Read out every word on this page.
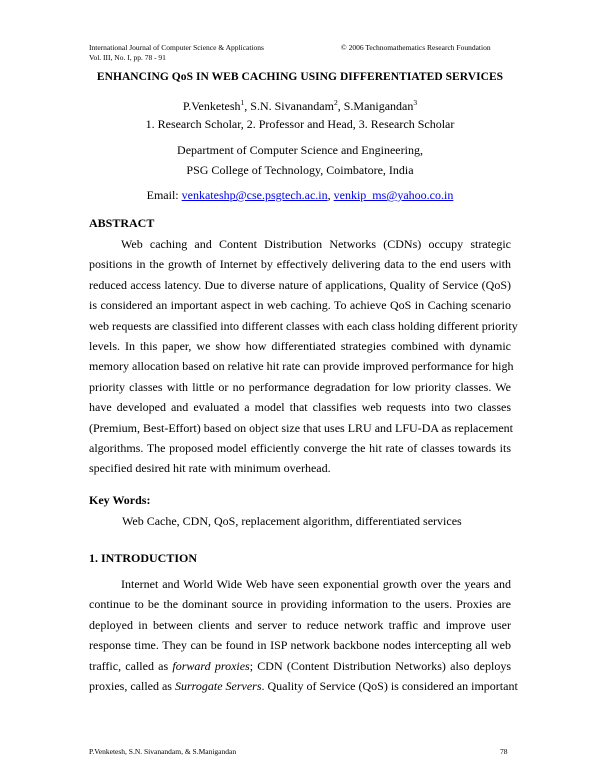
International Journal of Computer Science & Applications
Vol. III, No. I, pp. 78 - 91
© 2006 Technomathematics Research Foundation
ENHANCING QoS IN WEB CACHING USING DIFFERENTIATED SERVICES
P.Venketesh$^1$, S.N. Sivanandam$^2$, S.Manigandan$^3$
1. Research Scholar, 2. Professor and Head, 3. Research Scholar
Department of Computer Science and Engineering,
PSG College of Technology, Coimbatore, India
Email: venkateshp@cse.psgtech.ac.in, venkip_ms@yahoo.co.in
ABSTRACT
Web caching and Content Distribution Networks (CDNs) occupy strategic
positions in the growth of Internet by effectively delivering data to the end users with
reduced access latency. Due to diverse nature of applications, Quality of Service (QoS)
is considered an important aspect in web caching. To achieve QoS in Caching scenario
web requests are classified into different classes with each class holding different priority
levels. In this paper, we show how differentiated strategies combined with dynamic
memory allocation based on relative hit rate can provide improved performance for high
priority classes with little or no performance degradation for low priority classes. We
have developed and evaluated a model that classifies web requests into two classes
(Premium, Best-Effort) based on object size that uses LRU and LFU-DA as replacement
algorithms. The proposed model efficiently converge the hit rate of classes towards its
specified desired hit rate with minimum overhead.
Key Words:
Web Cache, CDN, QoS, replacement algorithm, differentiated services
1. INTRODUCTION
Internet and World Wide Web have seen exponential growth over the years and
continue to be the dominant source in providing information to the users. Proxies are
deployed in between clients and server to reduce network traffic and improve user
response time. They can be found in ISP network backbone nodes intercepting all web
traffic, called as forward proxies; CDN (Content Distribution Networks) also deploys
proxies, called as Surrogate Servers. Quality of Service (QoS) is considered an important
P.Venketesh, S.N. Sivanandam, & S.Manigandan	78
